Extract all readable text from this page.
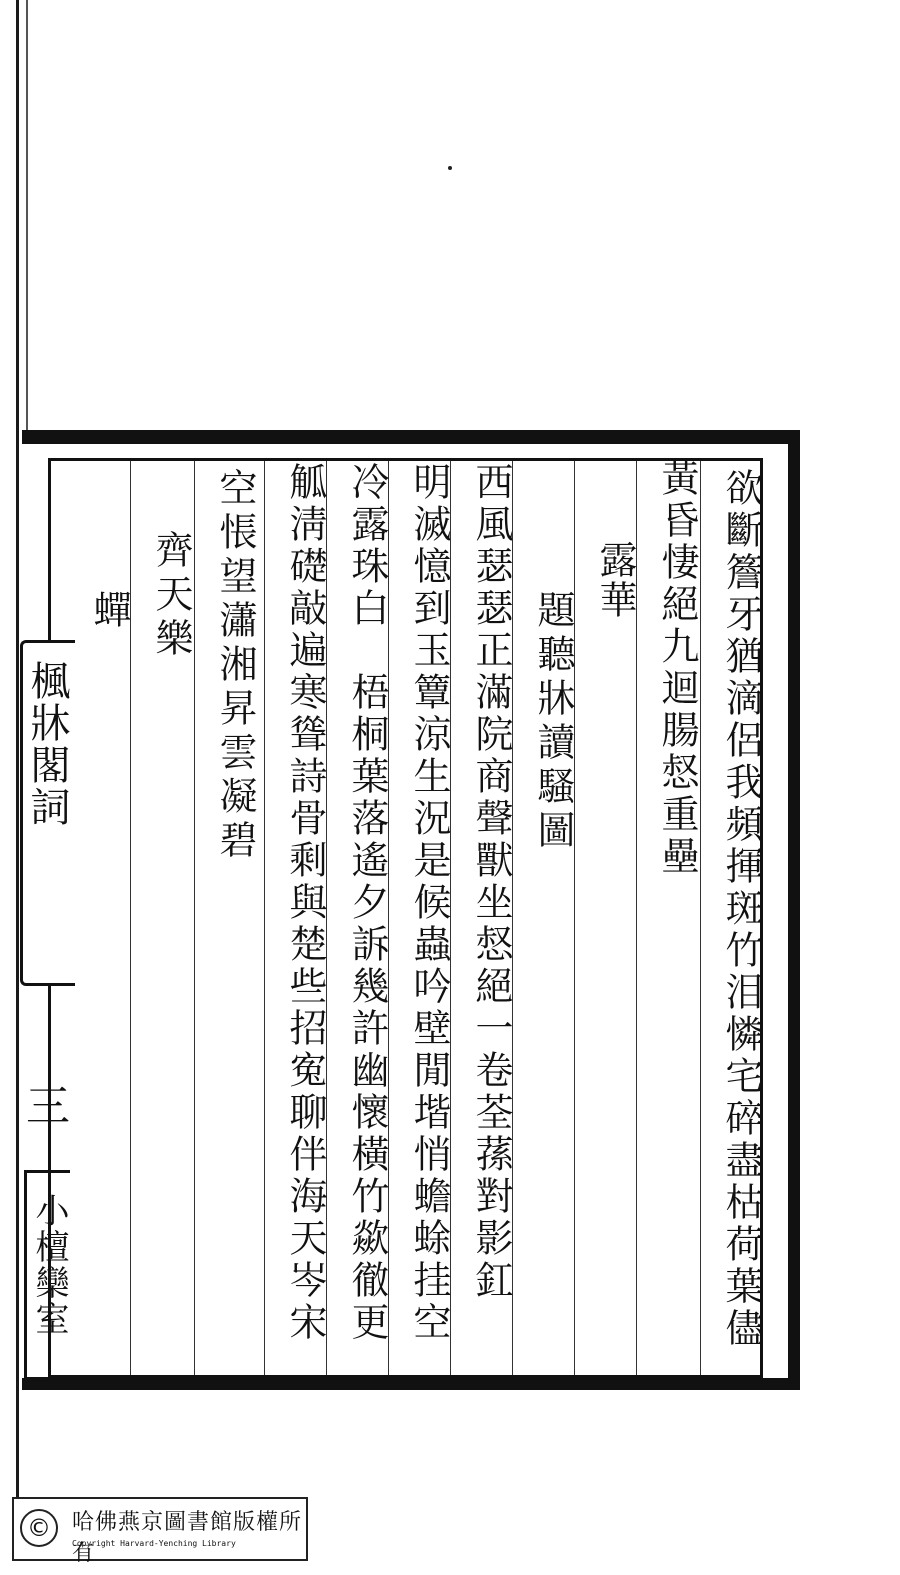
欲斷簷牙猶滴侶我頻揮斑竹泪憐宅碎盡枯荷葉儘
黃昏悽絕九迴腸惄重壘
露華
題聽牀讀騷圖
西風瑟瑟正滿院商聲獸坐惄絕一卷荃蓀對影釭
明滅憶到玉簟涼生況是候蟲吟壁閒堦悄蟾蜍挂空
冷露珠白　梧桐葉落遙夕訴幾許幽懷橫竹歘徹更
觚淸礎敲遍寒聳詩骨剩與楚些招寃聊伴海天岑宋
空悵望瀟湘昇雲凝碧
齊天樂
蟬
楓牀閣詞
三
小檀欒室
© 哈佛燕京圖書館版權所有
Copyright Harvard-Yenching Library
